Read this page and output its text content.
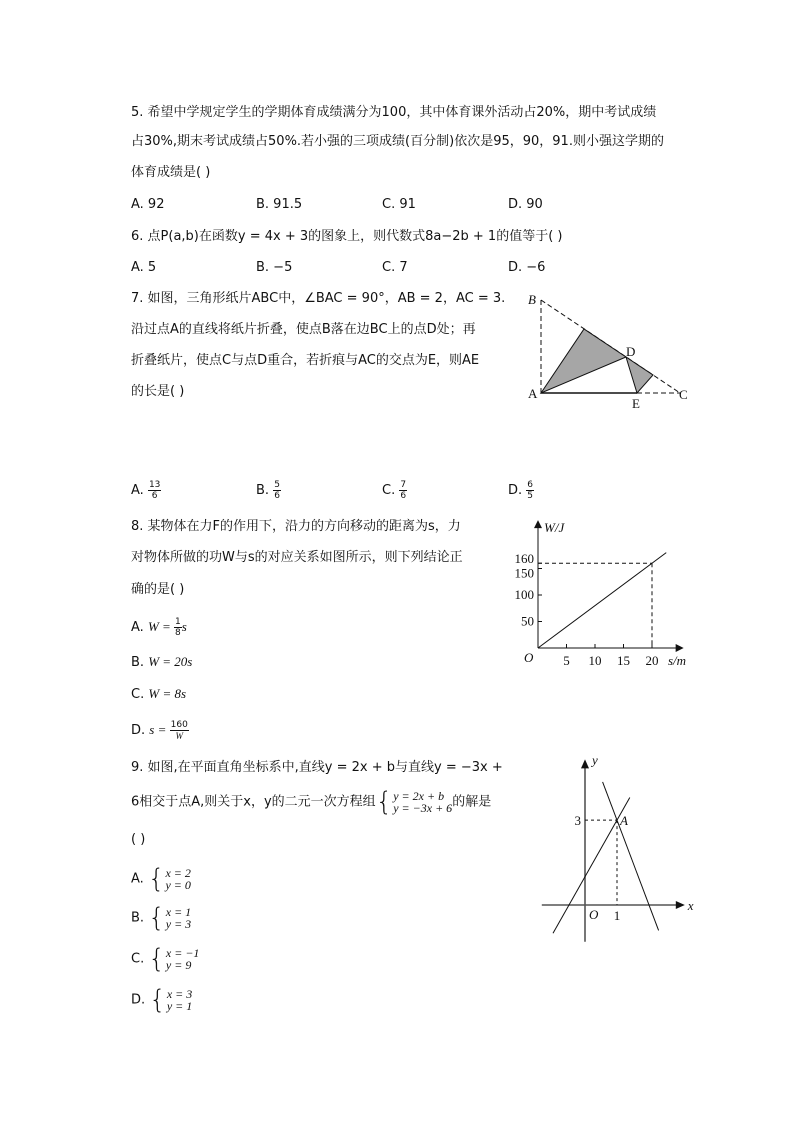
5. 希望中学规定学生的学期体育成绩满分为100，其中体育课外活动占20%，期中考试成绩
占30%,期末考试成绩占50%.若小强的三项成绩(百分制)依次是95，90，91.则小强这学期的
体育成绩是( )
A. 92	B. 91.5	C. 91	D. 90
6. 点P(a,b)在函数y = 4x + 3的图象上，则代数式8a−2b + 1的值等于( )
A. 5	B. −5	C. 7	D. −6
7. 如图，三角形纸片ABC中，∠BAC = 90°，AB = 2，AC = 3.
沿过点A的直线将纸片折叠，使点B落在边BC上的点D处；再
折叠纸片，使点C与点D重合，若折痕与AC的交点为E，则AE
的长是( )
A. $\frac{13}{6}$	B. $\frac{5}{6}$	C. $\frac{7}{6}$	D. $\frac{6}{5}$
8. 某物体在力F的作用下，沿力的方向移动的距离为s，力
对物体所做的功W与s的对应关系如图所示，则下列结论正
确的是( )
A. $W = \frac{1}{8}$ s
B. W = 20s
C. W = 8s
D. $s = \frac{160}{W}$
9. 如图,在平面直角坐标系中,直线y = 2x + b与直线y = −3x +
6相交于点A,则关于x，y的二元一次方程组 { y = 2x + b
y = −3x + 6 的解是
( )
A. { x = 2
y = 0
B. { x = 1
y = 3
C. { x = −1
y = 9
D. { x = 3
y = 1
B
A	C
D
E
W/J
s/m
O 5 10 15 20
50
100
150
160
y
x
O 1
3	A
